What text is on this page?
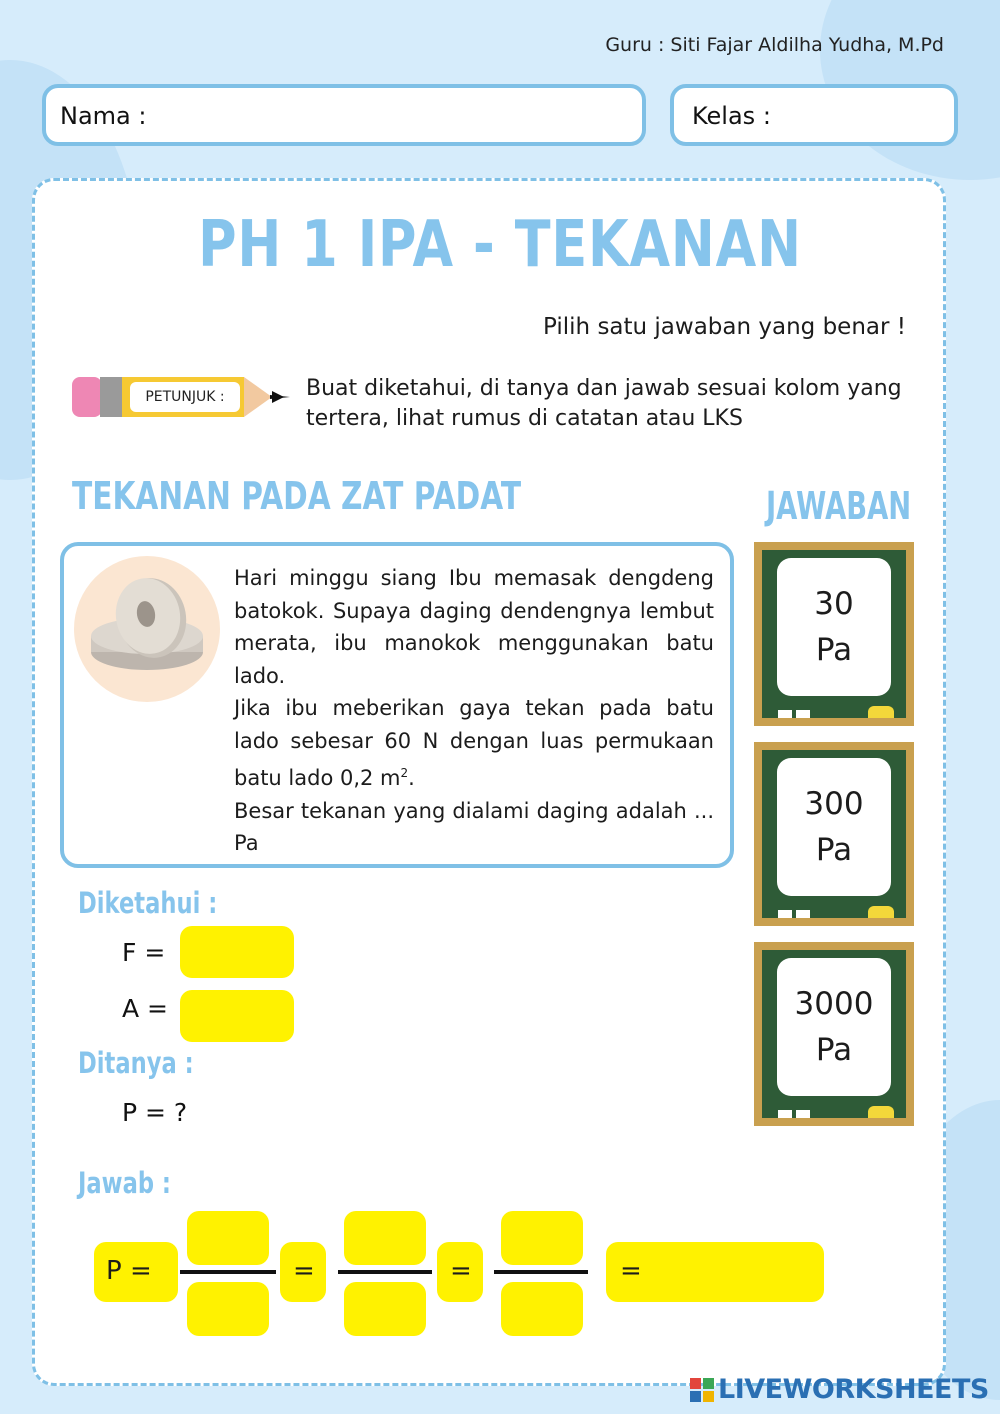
Guru : Siti Fajar Aldilha Yudha, M.Pd
Nama :	Kelas :
PH 1 IPA - TEKANAN
Pilih satu jawaban yang benar !
PETUNJUK :	Buat diketahui, di tanya dan jawab sesuai kolom yang tertera, lihat rumus di catatan atau LKS
TEKANAN PADA ZAT PADAT	JAWABAN

Hari minggu siang Ibu memasak dengdeng batokok. Supaya daging dendengnya lembut merata, ibu manokok menggunakan batu lado.

Jika ibu meberikan gaya tekan pada batu lado sebesar 60 N dengan luas permukaan batu lado 0,2 $m^2$.

Besar tekanan yang dialami daging adalah ... Pa

30
Pa
300
Pa
3000
Pa
Diketahui :
F =
A =
Ditanya :
P = ?
Jawab :
P =	=	=	=
LIVEWORKSHEETS
